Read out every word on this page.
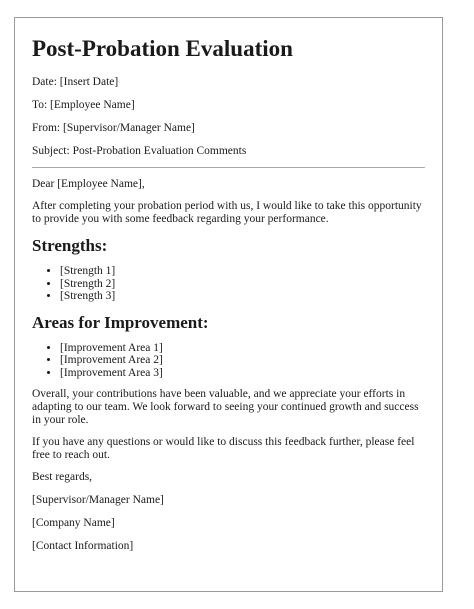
Post-Probation Evaluation
Date: [Insert Date]
To: [Employee Name]
From: [Supervisor/Manager Name]
Subject: Post-Probation Evaluation Comments

Dear [Employee Name],

After completing your probation period with us, I would like to take this opportunity to provide you with some feedback regarding your performance.

Strengths:
• [Strength 1]
• [Strength 2]
• [Strength 3]
Areas for Improvement:
• [Improvement Area 1]
• [Improvement Area 2]
• [Improvement Area 3]

Overall, your contributions have been valuable, and we appreciate your efforts in adapting to our team. We look forward to seeing your continued growth and success in your role.

If you have any questions or would like to discuss this feedback further, please feel free to reach out.

Best regards,

[Supervisor/Manager Name]

[Company Name]

[Contact Information]
